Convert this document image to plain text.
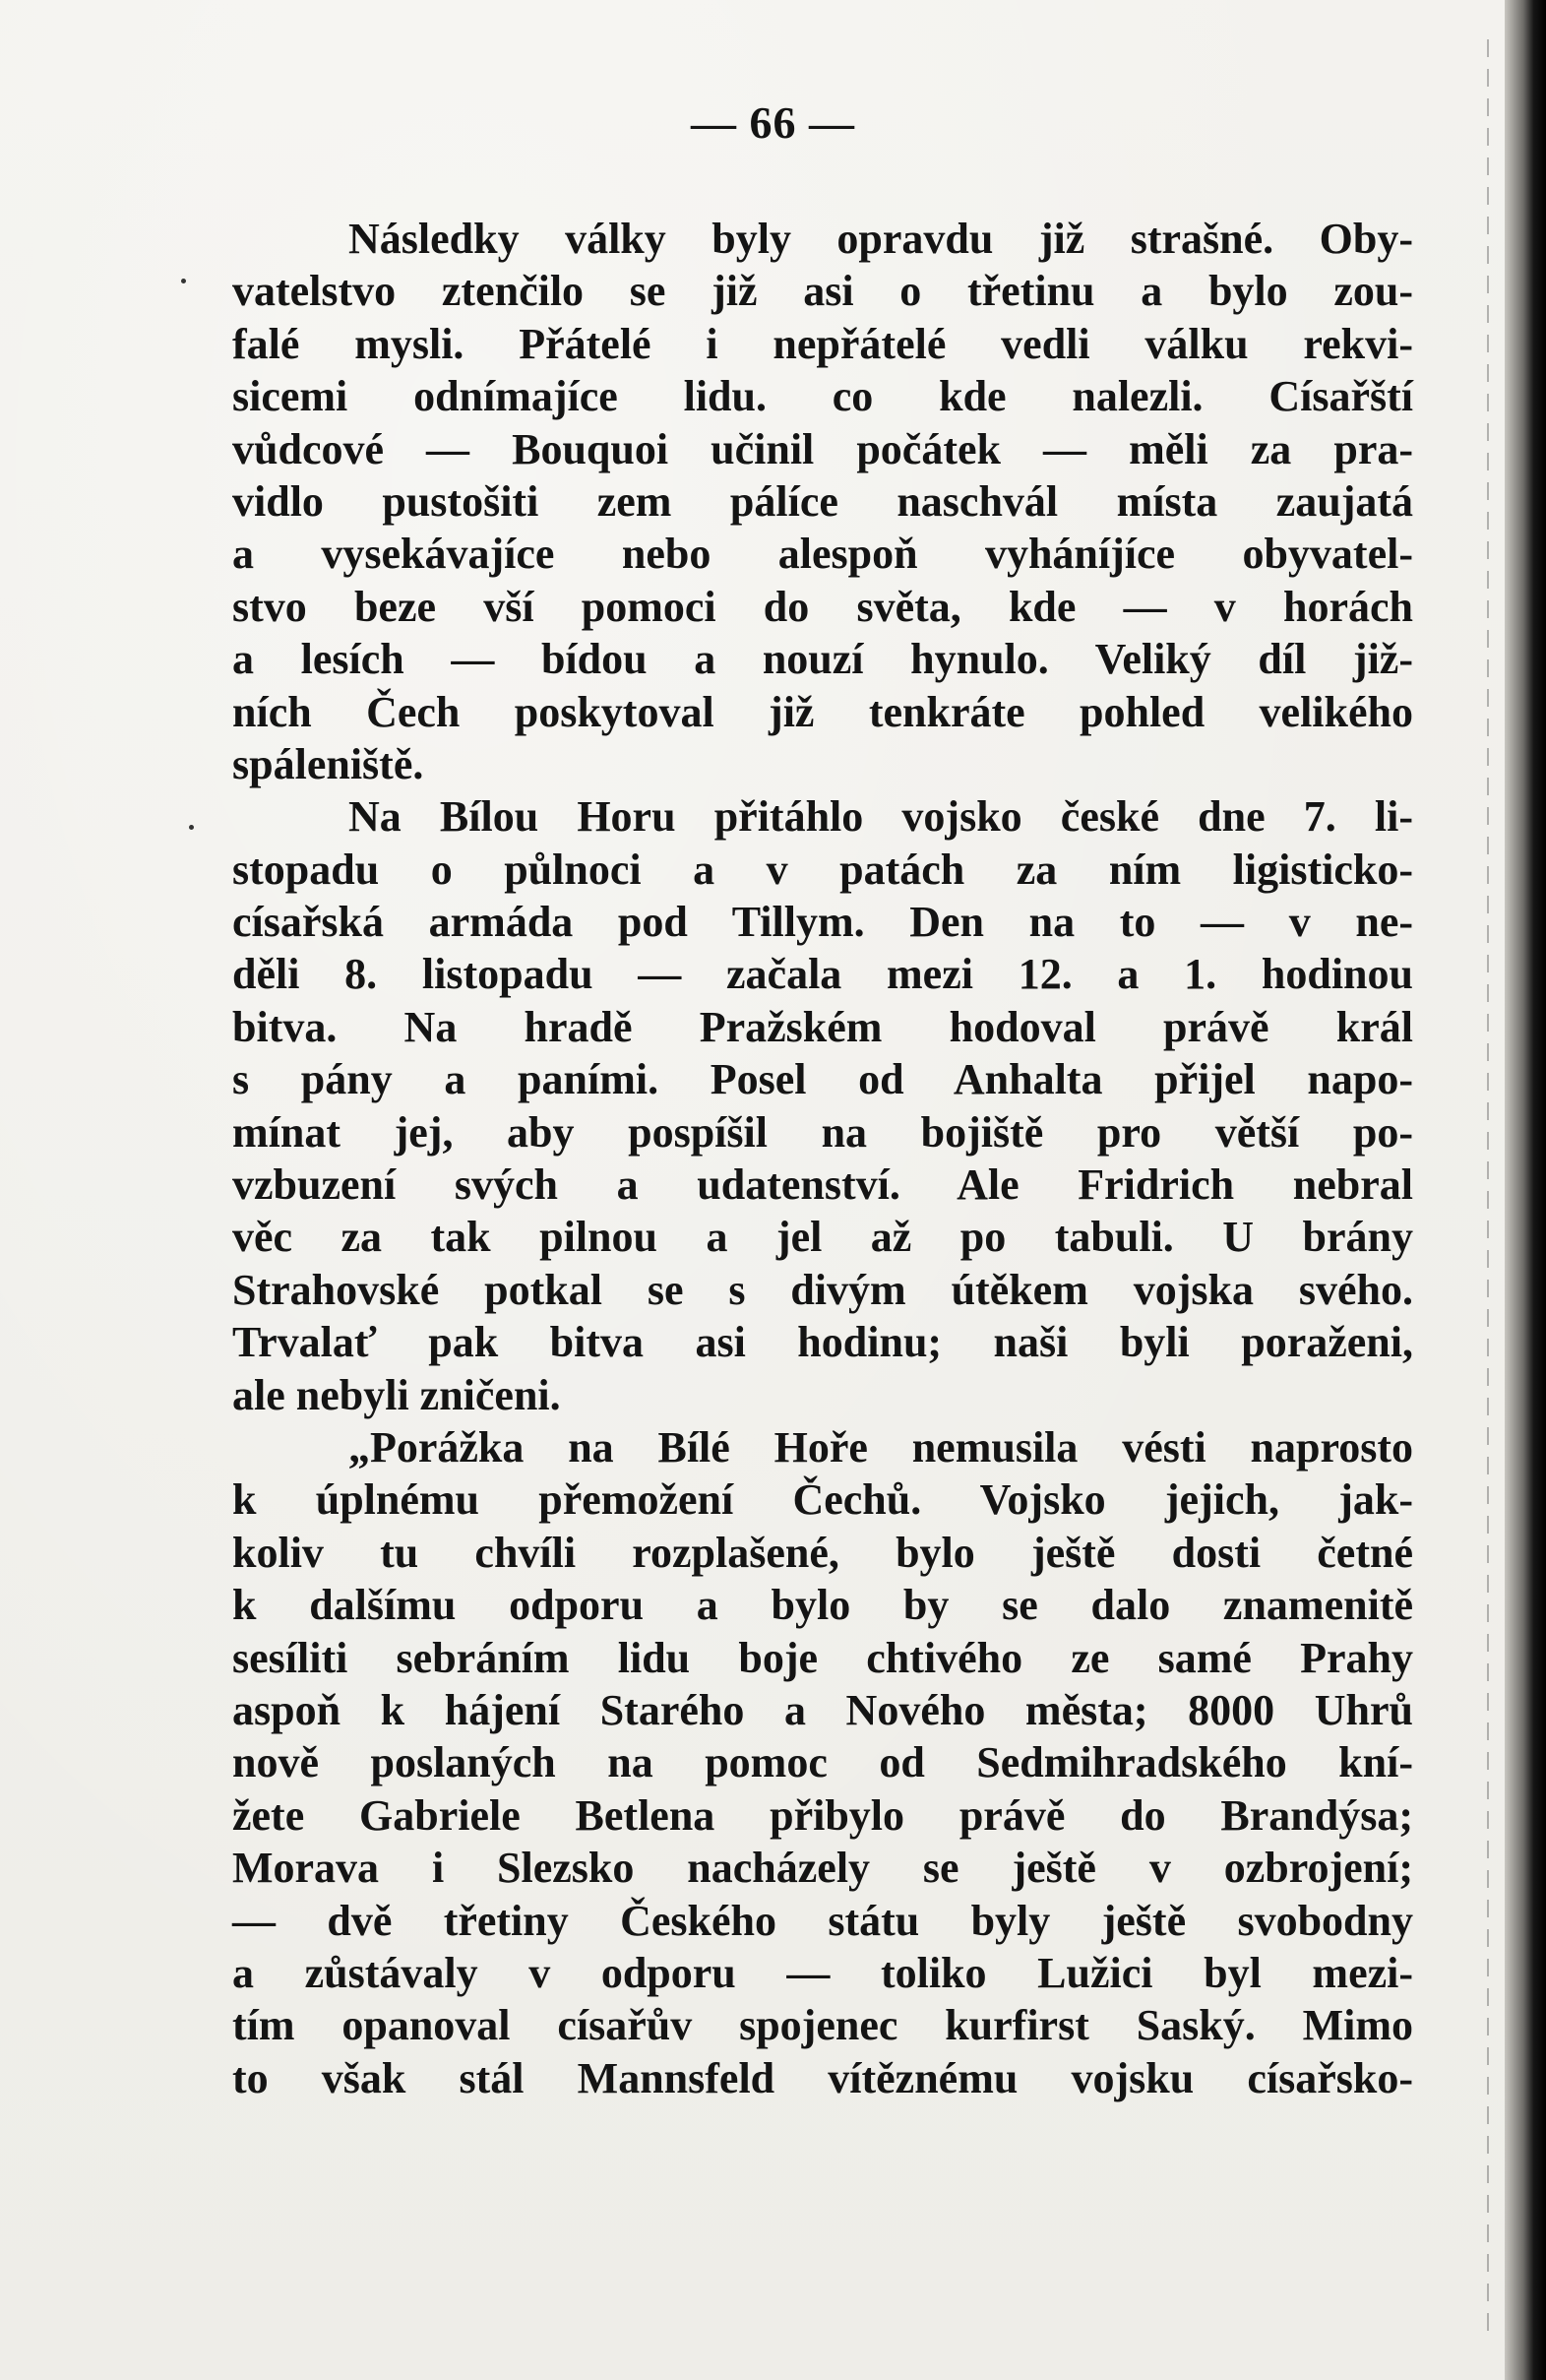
— 66 —
Následky války byly opravdu již strašné. Oby-
vatelstvo ztenčilo se již asi o třetinu a bylo zou-
falé mysli. Přátelé i nepřátelé vedli válku rekvi-
sicemi odnímajíce lidu. co kde nalezli. Císařští
vůdcové — Bouquoi učinil počátek — měli za pra-
vidlo pustošiti zem pálíce naschvál místa zaujatá
a vysekávajíce nebo alespoň vyháníjíce obyvatel-
stvo beze vší pomoci do světa, kde — v horách
a lesích — bídou a nouzí hynulo. Veliký díl již-
ních Čech poskytoval již tenkráte pohled velikého
spáleniště.
Na Bílou Horu přitáhlo vojsko české dne 7. li-
stopadu o půlnoci a v patách za ním ligisticko-
císařská armáda pod Tillym. Den na to — v ne-
děli 8. listopadu — začala mezi 12. a 1. hodinou
bitva. Na hradě Pražském hodoval právě král
s pány a paními. Posel od Anhalta přijel napo-
mínat jej, aby pospíšil na bojiště pro větší po-
vzbuzení svých a udatenství. Ale Fridrich nebral
věc za tak pilnou a jel až po tabuli. U brány
Strahovské potkal se s divým útěkem vojska svého.
Trvalať pak bitva asi hodinu; naši byli poraženi,
ale nebyli zničeni.
„Porážka na Bílé Hoře nemusila vésti naprosto
k úplnému přemožení Čechů. Vojsko jejich, jak-
koliv tu chvíli rozplašené, bylo ještě dosti četné
k dalšímu odporu a bylo by se dalo znamenitě
sesíliti sebráním lidu boje chtivého ze samé Prahy
aspoň k hájení Starého a Nového města; 8000 Uhrů
nově poslaných na pomoc od Sedmihradského kní-
žete Gabriele Betlena přibylo právě do Brandýsa;
Morava i Slezsko nacházely se ještě v ozbrojení;
— dvě třetiny Českého státu byly ještě svobodny
a zůstávaly v odporu — toliko Lužici byl mezi-
tím opanoval císařův spojenec kurfirst Saský. Mimo
to však stál Mannsfeld vítěznému vojsku císařsko-
